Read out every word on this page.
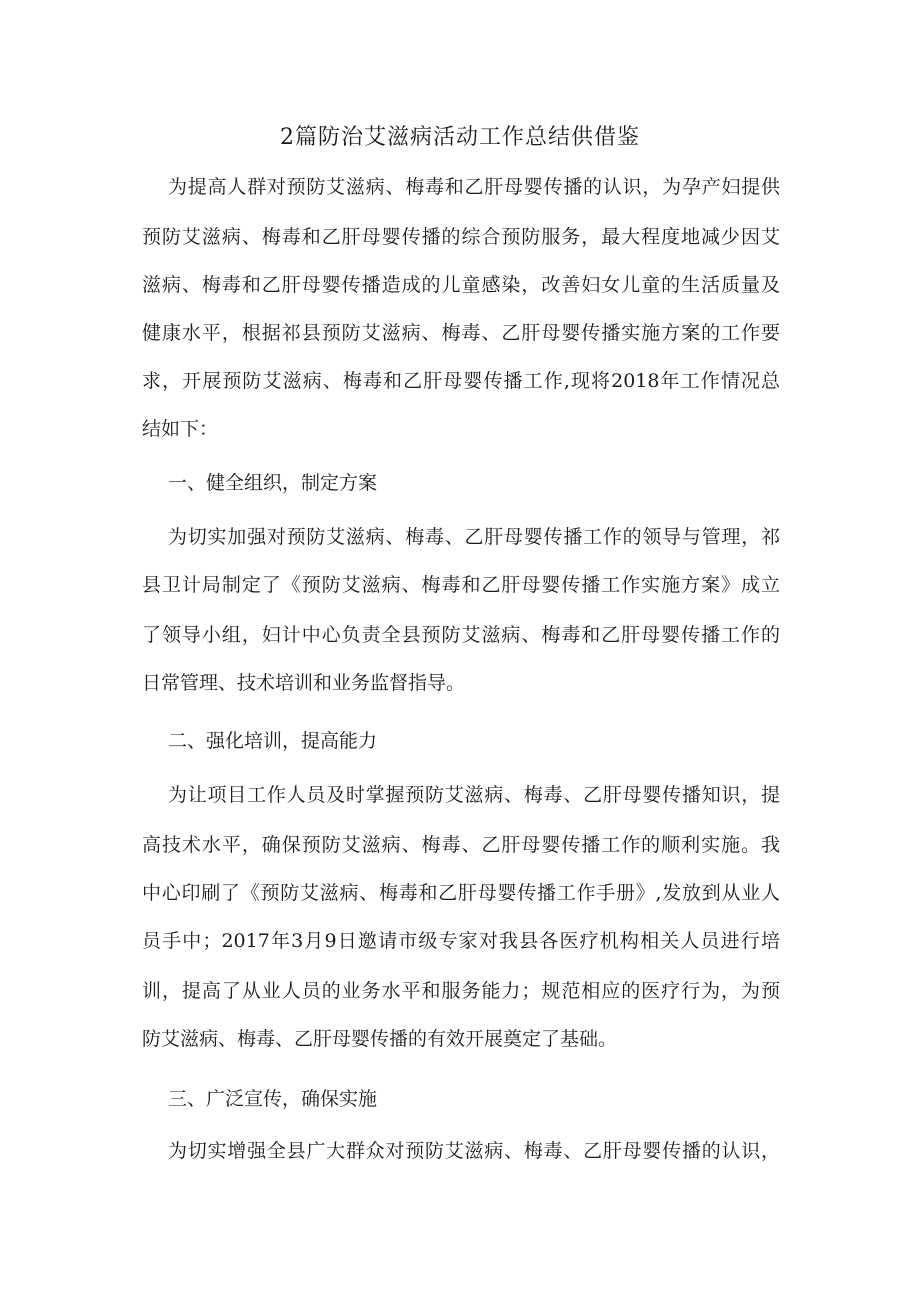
2篇防治艾滋病活动工作总结供借鉴
为提高人群对预防艾滋病、梅毒和乙肝母婴传播的认识，为孕产妇提供
预防艾滋病、梅毒和乙肝母婴传播的综合预防服务，最大程度地减少因艾
滋病、梅毒和乙肝母婴传播造成的儿童感染，改善妇女儿童的生活质量及
健康水平，根据祁县预防艾滋病、梅毒、乙肝母婴传播实施方案的工作要
求，开展预防艾滋病、梅毒和乙肝母婴传播工作,现将2018年工作情况总
结如下：
一、健全组织，制定方案
为切实加强对预防艾滋病、梅毒、乙肝母婴传播工作的领导与管理，祁
县卫计局制定了《预防艾滋病、梅毒和乙肝母婴传播工作实施方案》成立
了领导小组，妇计中心负责全县预防艾滋病、梅毒和乙肝母婴传播工作的
日常管理、技术培训和业务监督指导。
二、强化培训，提高能力
为让项目工作人员及时掌握预防艾滋病、梅毒、乙肝母婴传播知识，提
高技术水平，确保预防艾滋病、梅毒、乙肝母婴传播工作的顺利实施。我
中心印刷了《预防艾滋病、梅毒和乙肝母婴传播工作手册》,发放到从业人
员手中；2017年3月9日邀请市级专家对我县各医疗机构相关人员进行培
训，提高了从业人员的业务水平和服务能力；规范相应的医疗行为，为预
防艾滋病、梅毒、乙肝母婴传播的有效开展奠定了基础。
三、广泛宣传，确保实施
为切实增强全县广大群众对预防艾滋病、梅毒、乙肝母婴传播的认识，
